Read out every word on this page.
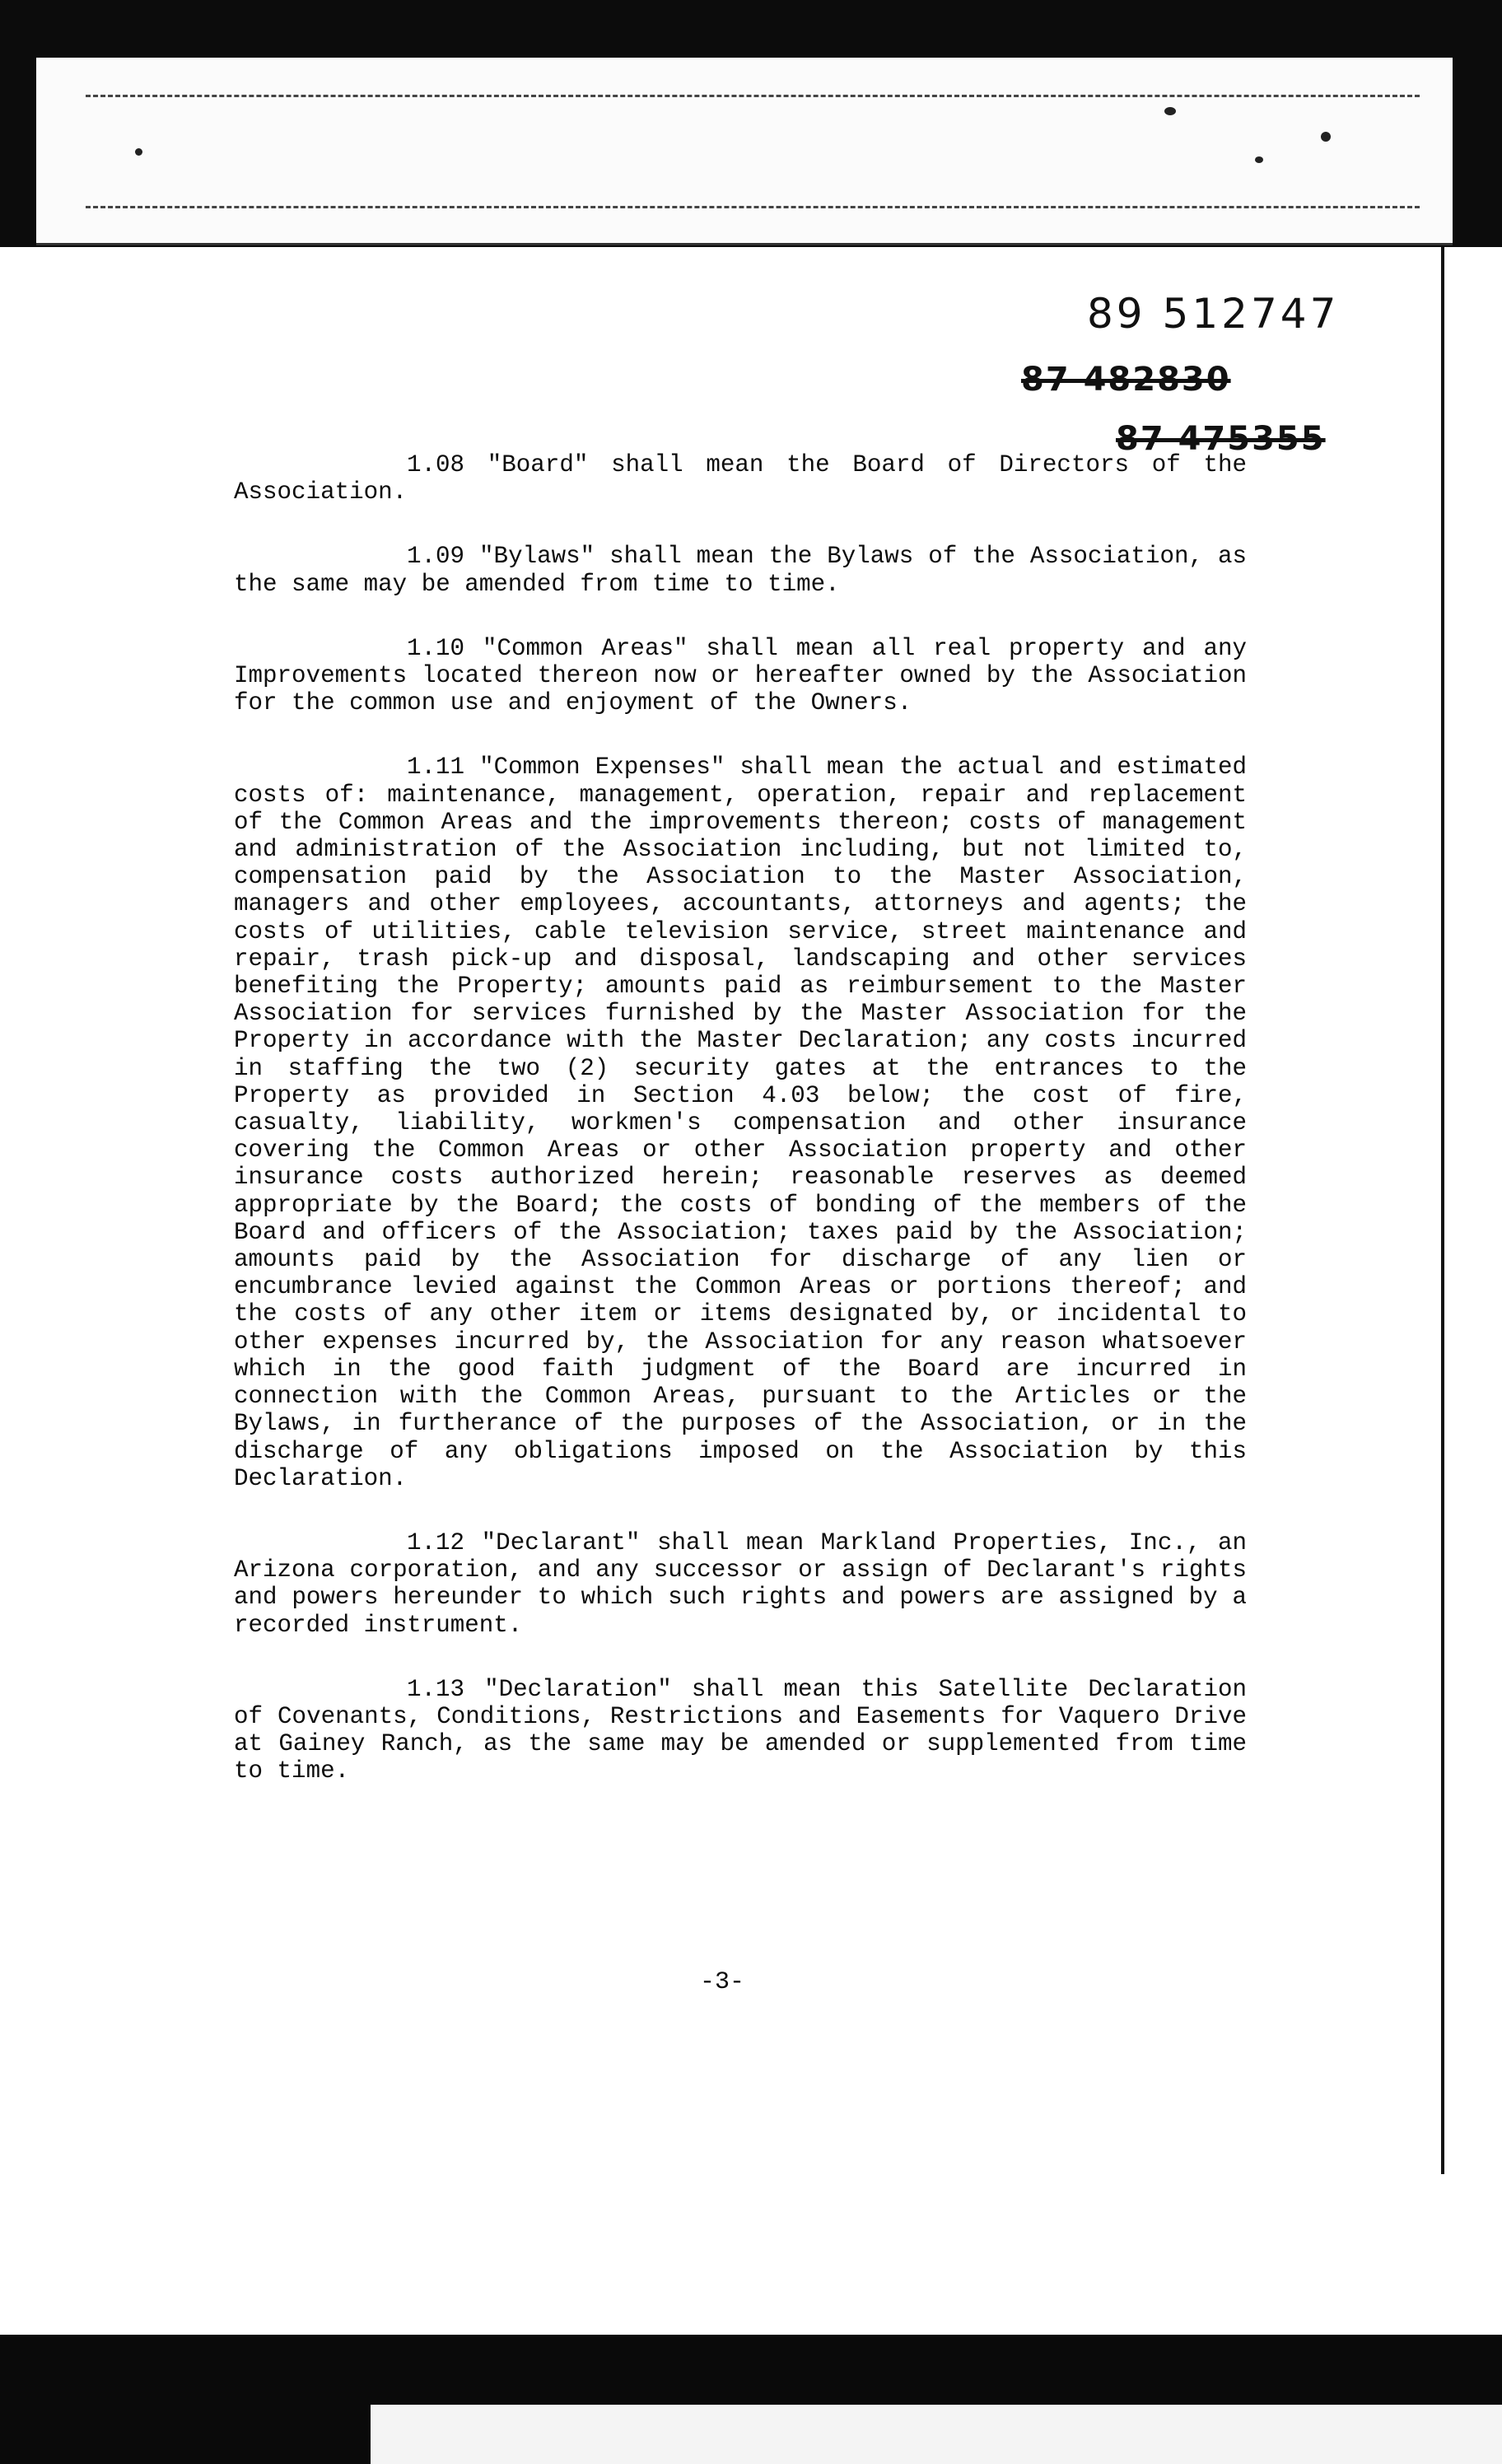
89 512747
87 482830
87 475355

1.08 "Board" shall mean the Board of Directors of the Association.

1.09 "Bylaws" shall mean the Bylaws of the Association, as the same may be amended from time to time.

1.10 "Common Areas" shall mean all real property and any Improvements located thereon now or hereafter owned by the Association for the common use and enjoyment of the Owners.

1.11 "Common Expenses" shall mean the actual and estimated costs of: maintenance, management, operation, repair and replacement of the Common Areas and the improvements thereon; costs of management and administration of the Association including, but not limited to, compensation paid by the Association to the Master Association, managers and other employees, accountants, attorneys and agents; the costs of utilities, cable television service, street maintenance and repair, trash pick-up and disposal, landscaping and other services benefiting the Property; amounts paid as reimbursement to the Master Association for services furnished by the Master Association for the Property in accordance with the Master Declaration; any costs incurred in staffing the two (2) security gates at the entrances to the Property as provided in Section 4.03 below; the cost of fire, casualty, liability, workmen's compensation and other insurance covering the Common Areas or other Association property and other insurance costs authorized herein; reasonable reserves as deemed appropriate by the Board; the costs of bonding of the members of the Board and officers of the Association; taxes paid by the Association; amounts paid by the Association for discharge of any lien or encumbrance levied against the Common Areas or portions thereof; and the costs of any other item or items designated by, or incidental to other expenses incurred by, the Association for any reason whatsoever which in the good faith judgment of the Board are incurred in connection with the Common Areas, pursuant to the Articles or the Bylaws, in furtherance of the purposes of the Association, or in the discharge of any obligations imposed on the Association by this Declaration.

1.12 "Declarant" shall mean Markland Properties, Inc., an Arizona corporation, and any successor or assign of Declarant's rights and powers hereunder to which such rights and powers are assigned by a recorded instrument.

1.13 "Declaration" shall mean this Satellite Declaration of Covenants, Conditions, Restrictions and Easements for Vaquero Drive at Gainey Ranch, as the same may be amended or supplemented from time to time.

-3-
